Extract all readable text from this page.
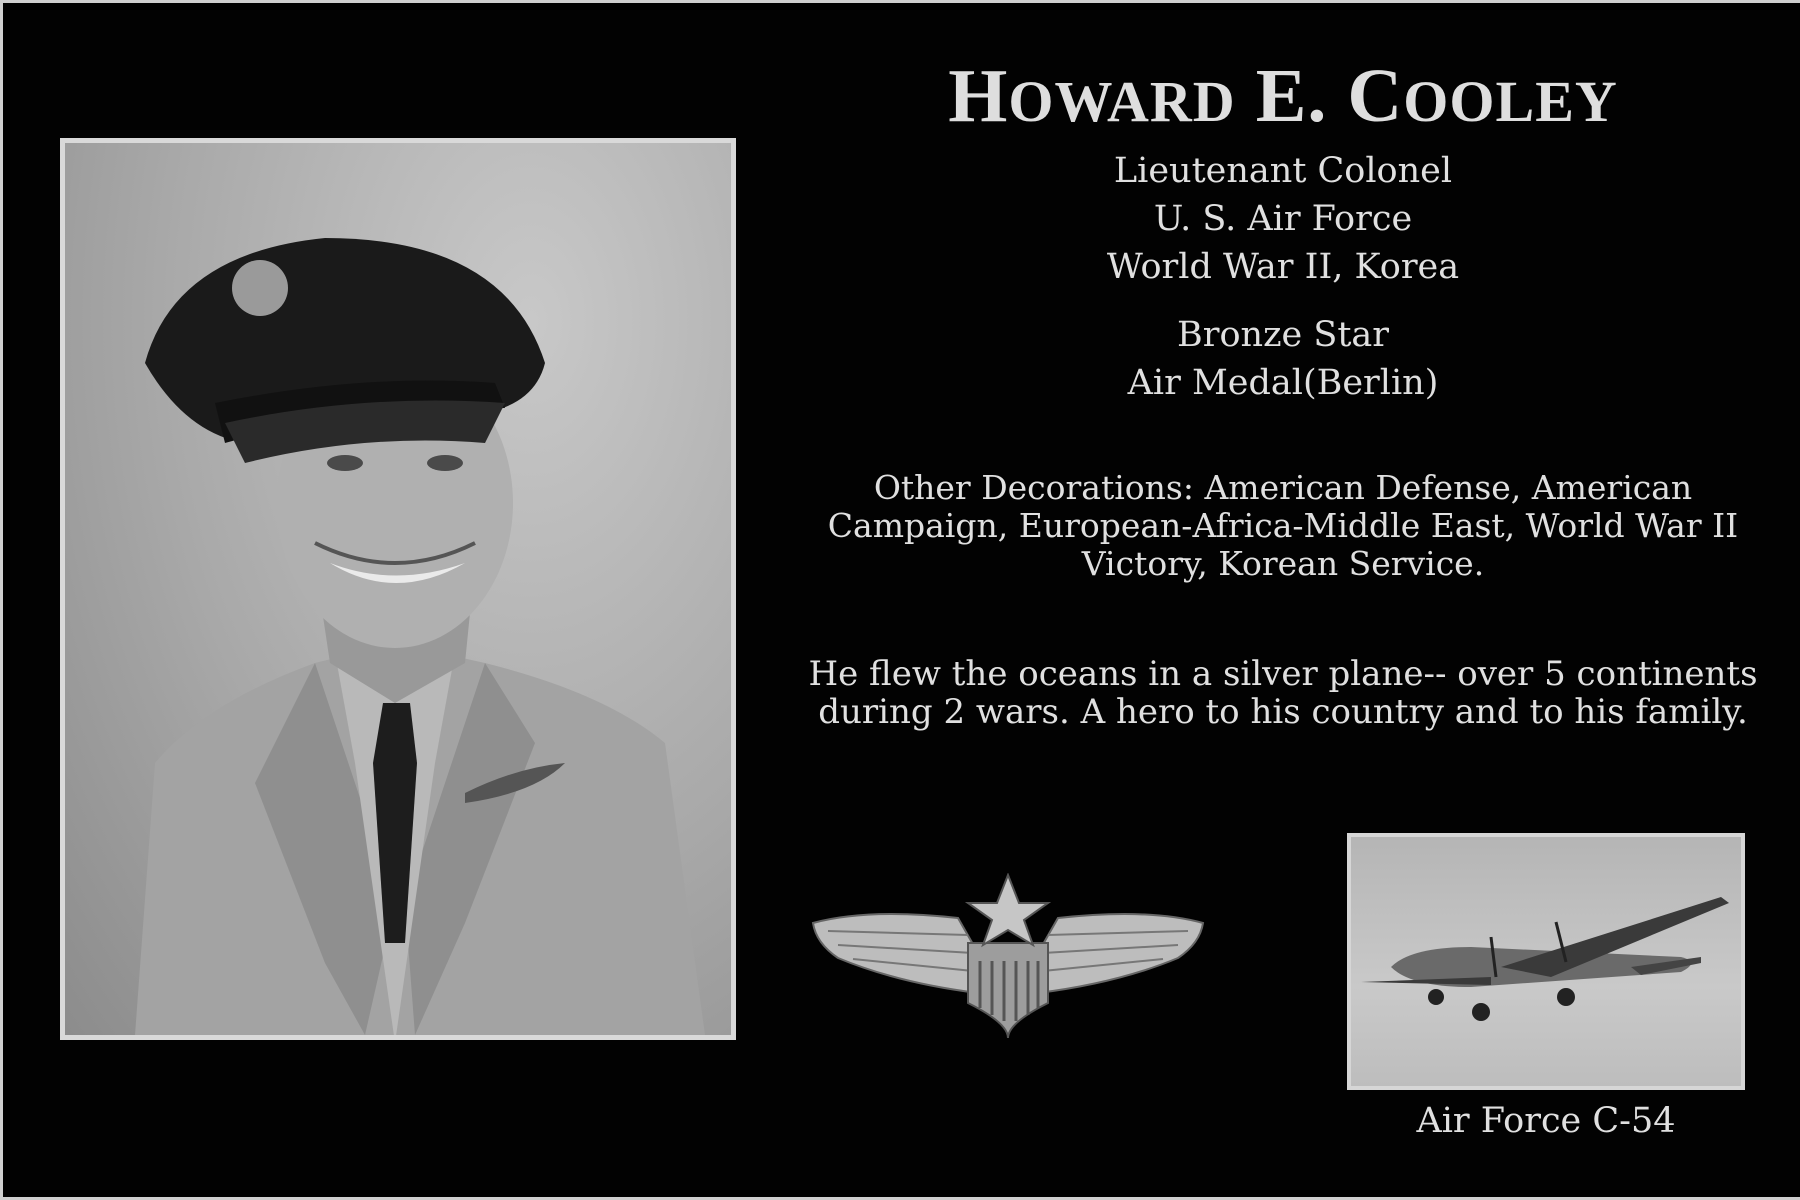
HOWARD E. COOLEY
Lieutenant Colonel
U. S. Air Force
World War II, Korea
Bronze Star
Air Medal(Berlin)
Other Decorations: American Defense, American Campaign, European-Africa-Middle East, World War II Victory, Korean Service.
He flew the oceans in a silver plane-- over 5 continents during 2 wars. A hero to his country and to his family.
Air Force C-54
